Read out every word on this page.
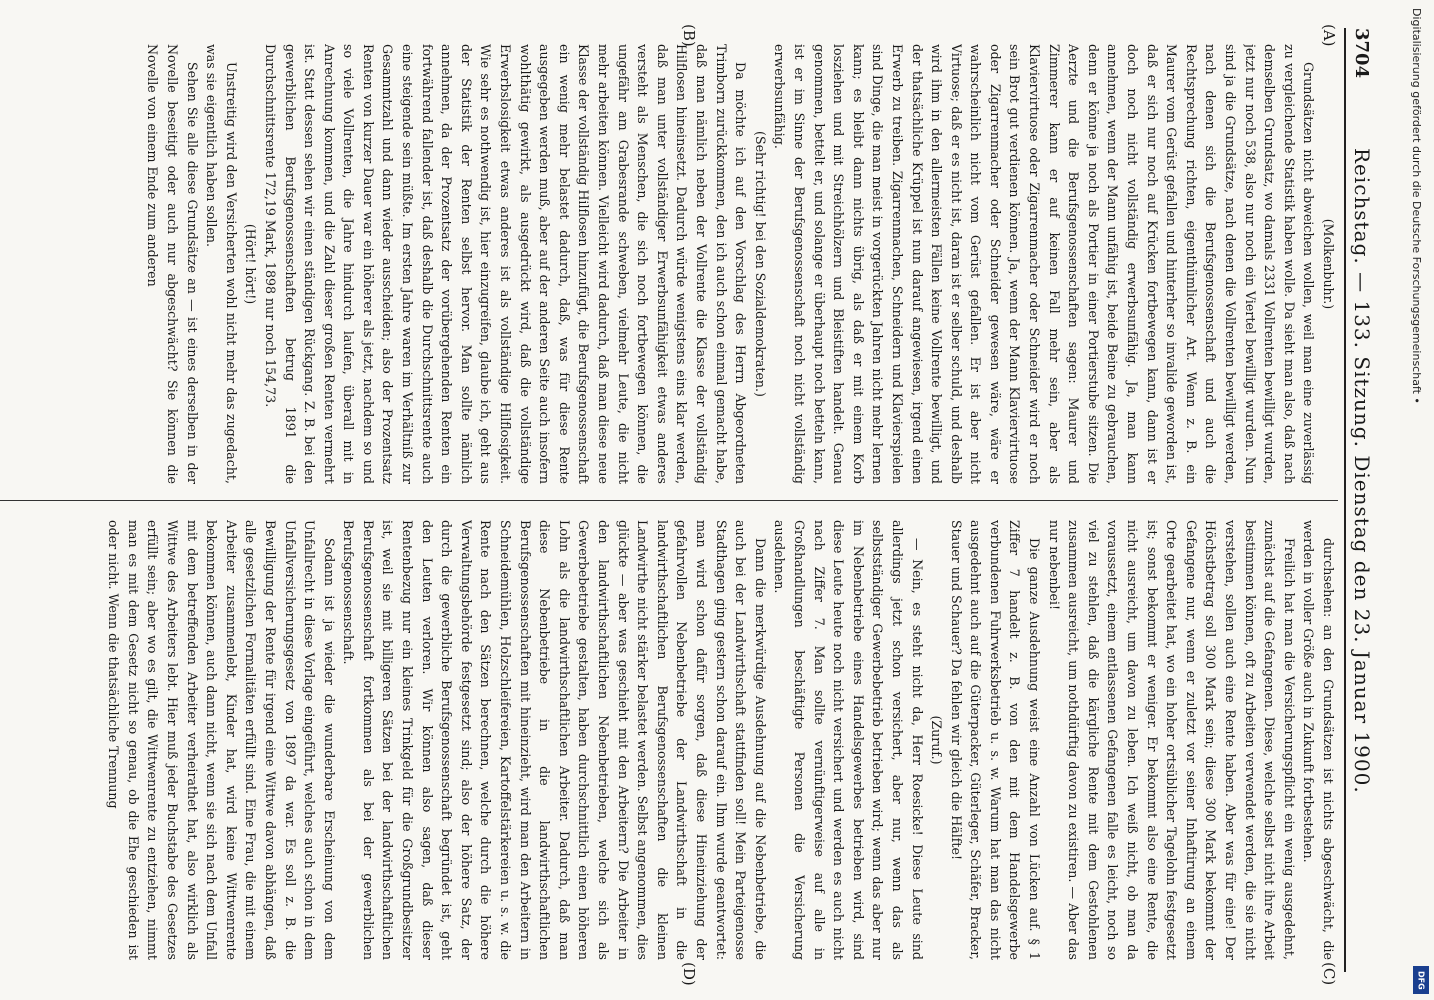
3704
Reichstag. — 133. Sitzung. Dienstag den 23. Januar 1900.
(A)
(B)
(C)
(D)

(Molkenbuhr.)

Grundsätzen nicht abweichen wollen, weil man eine zuverlässig zu vergleichende Statistik haben wolle. Da sieht man also, daß nach demselben Grundsatz, wo damals 2331 Vollrenten bewilligt wurden, jetzt nur noch 538, also nur noch ein Viertel bewilligt wurden. Nun sind ja die Grundsätze, nach denen die Vollrenten bewilligt werden, nach denen sich die Berufsgenossenschaft und auch die Rechtsprechung richten, eigenthümlicher Art. Wenn z. B. ein Maurer vom Gerüst gefallen und hinterher so invalide geworden ist, daß er sich nur noch auf Krücken fortbewegen kann, dann ist er doch noch nicht vollständig erwerbsunfähig. Ja, man kann annehmen, wenn der Mann unfähig ist, beide Beine zu gebrauchen, denn er könne ja noch als Portier in einer Portierstube sitzen. Die Aerzte und die Berufsgenossenschaften sagen: Maurer und Zimmerer kann er auf keinen Fall mehr sein, aber als Klaviervirtuose oder Zigarrenmacher oder Schneider wird er noch sein Brot gut verdienen können. Ja, wenn der Mann Klaviervirtuose oder Zigarrenmacher oder Schneider gewesen wäre, wäre er wahrscheinlich nicht vom Gerüst gefallen. Er ist aber nicht Virtuose; daß er es nicht ist, daran ist er selber schuld, und deshalb wird ihm in den allermeisten Fällen keine Vollrente bewilligt, und der thatsächliche Krüppel ist nun darauf angewiesen, irgend einen Erwerb zu treiben. Zigarrenmachen, Schneidern und Klavierspielen sind Dinge, die man meist in vorgerückten Jahren nicht mehr lernen kann; es bleibt dann nichts übrig, als daß er mit einem Korb losziehen und mit Streichhölzern und Bleistiften handelt. Genau genommen, bettelt er, und solange er überhaupt noch betteln kann, ist er im Sinne der Berufsgenossenschaft noch nicht vollständig erwerbsunfähig.

(Sehr richtig! bei den Sozialdemokraten.)

Da möchte ich auf den Vorschlag des Herrn Abgeordneten Trimborn zurückkommen, den ich auch schon einmal gemacht habe, daß man nämlich neben der Vollrente die Klasse der vollständig Hilflosen hineinsetzt. Dadurch würde wenigstens eins klar werden, daß man unter vollständiger Erwerbsunfähigkeit etwas anderes versteht als Menschen, die sich noch fortbewegen können, die ungefähr am Grabesrande schweben, vielmehr Leute, die nicht mehr arbeiten können. Vielleicht wird dadurch, daß man diese neue Klasse der vollständig Hilflosen hinzufügt, die Berufsgenossenschaft ein wenig mehr belastet dadurch, daß, was für diese Rente ausgegeben werden muß, aber auf der anderen Seite auch insofern wohlthätig gewirkt, als ausgedrückt wird, daß die vollständige Erwerbslosigkeit etwas anderes ist als vollständige Hilflosigkeit. Wie sehr es nothwendig ist, hier einzugreifen, glaube ich, geht aus der Statistik der Renten selbst hervor. Man sollte nämlich annehmen, da der Prozentsatz der vorübergehenden Renten ein fortwährend fallender ist, daß deshalb die Durchschnittsrente auch eine steigende sein müßte. Im ersten Jahre waren im Verhältniß zur Gesammtzahl und dann wieder ausscheiden; also der Prozentsatz Renten von kurzer Dauer war ein höherer als jetzt, nachdem so und so viele Vollrenten, die Jahre hindurch laufen, überall mit in Anrechnung kommen, und die Zahl dieser großen Renten vermehrt ist. Statt dessen sehen wir einen ständigen Rückgang. Z. B. bei den gewerblichen Berufsgenossenschaften betrug 1891 die Durchschnittsrente 172,19 Mark, 1898 nur noch 154,73.

(Hört! hört!)

Unstreitig wird den Versicherten wohl nicht mehr das zugedacht, was sie eigentlich haben sollen.

Sehen Sie alle diese Grundsätze an — ist eines derselben in der Novelle beseitigt oder auch nur abgeschwächt? Sie können die Novelle von einem Ende zum anderen

durchsehen: an den Grundsätzen ist nichts abgeschwächt, die werden in voller Größe auch in Zukunft fortbestehen.

Freilich hat man die Versicherungspflicht ein wenig ausgedehnt, zunächst auf die Gefangenen. Diese, welche selbst nicht ihre Arbeit bestimmen können, oft zu Arbeiten verwendet werden, die sie nicht verstehen, sollen auch eine Rente haben. Aber was für eine! Der Höchstbetrag soll 300 Mark sein; diese 300 Mark bekommt der Gefangene nur, wenn er zuletzt vor seiner Inhaftirung an einem Orte gearbeitet hat, wo ein hoher ortsüblicher Tagelohn festgesetzt ist; sonst bekommt er weniger. Er bekommt also eine Rente, die nicht ausreicht, um davon zu leben. Ich weiß nicht, ob man da voraussetzt, einem entlassenen Gefangenen falle es leicht, noch so viel zu stehlen, daß die kärgliche Rente mit dem Gestohlenen zusammen ausreicht, um nothdürftig davon zu existiren. — Aber das nur nebenbei!

Die ganze Ausdehnung weist eine Anzahl von Lücken auf. § 1 Ziffer 7 handelt z. B. von den mit dem Handelsgewerbe verbundenen Fuhrwerksbetrieb u. s. w. Warum hat man das nicht ausgedehnt auch auf die Güterpacker, Güterleger, Schäfer, Bracker, Stauer und Schauer? Da fehlen wir gleich die Hälfte!

(Zuruf.)

— Nein, es steht nicht da, Herr Roesicke! Diese Leute sind allerdings jetzt schon versichert, aber nur, wenn das als selbstständiger Gewerbebetrieb betrieben wird; wenn das aber nur im Nebenbetriebe eines Handelsgewerbes betrieben wird, sind diese Leute heute noch nicht versichert und werden es auch nicht nach Ziffer 7. Man sollte vernünftigerweise auf alle in Großhandlungen beschäftigte Personen die Versicherung ausdehnen.

Dann die merkwürdige Ausdehnung auf die Nebenbetriebe, die auch bei der Landwirthschaft stattfinden soll! Mein Parteigenosse Stadthagen ging gestern schon darauf ein. Ihm wurde geantwortet: man wird schon dafür sorgen, daß diese Hineinziehung der gefahrvollen Nebenbetriebe der Landwirthschaft in die landwirthschaftlichen Berufsgenossenschaften die kleinen Landwirthe nicht stärker belastet werden. Selbst angenommen, dies glückte — aber was geschieht mit den Arbeitern? Die Arbeiter in den landwirthschaftlichen Nebenbetrieben, welche sich als Gewerbebetriebe gestalten, haben durchschnittlich einen höheren Lohn als die landwirthschaftlichen Arbeiter. Dadurch, daß man diese Nebenbetriebe in die landwirthschaftlichen Berufsgenossenschaften mit hineinzieht, wird man den Arbeitern in Schneidemühlen, Holzschleifereien, Kartoffelstärkereien u. s. w. die Rente nach den Sätzen berechnen, welche durch die höhere Verwaltungsbehörde festgesetzt sind; also der höhere Satz, der durch die gewerbliche Berufsgenossenschaft begründet ist, geht den Leuten verloren. Wir können also sagen, daß dieser Rentenbezug nur ein kleines Trinkgeld für die Großgrundbesitzer ist, weil sie mit billigeren Sätzen bei der landwirthschaftlichen Berufsgenossenschaft fortkommen als bei der gewerblichen Berufsgenossenschaft.

Sodann ist ja wieder die wunderbare Erscheinung von dem Unfallrecht in diese Vorlage eingeführt, welches auch schon in dem Unfallversicherungsgesetz von 1897 da war. Es soll z. B. die Bewilligung der Rente für irgend eine Wittwe davon abhängen, daß alle gesetzlichen Formalitäten erfüllt sind. Eine Frau, die mit einem Arbeiter zusammenlebt, Kinder hat, wird keine Wittwenrente bekommen können, auch dann nicht, wenn sie sich nach dem Unfall mit dem betreffenden Arbeiter verheirathet hat, also wirklich als Wittwe des Arbeiters lebt. Hier muß jeder Buchstabe des Gesetzes erfüllt sein; aber wo es gilt, die Wittwenrente zu entziehen, nimmt man es mit dem Gesetz nicht so genau, ob die Ehe geschieden ist oder nicht. Wenn die thatsächliche Trennung

Digitalisierung gefördert durch die Deutsche Forschungsgemeinschaft •
DFG
